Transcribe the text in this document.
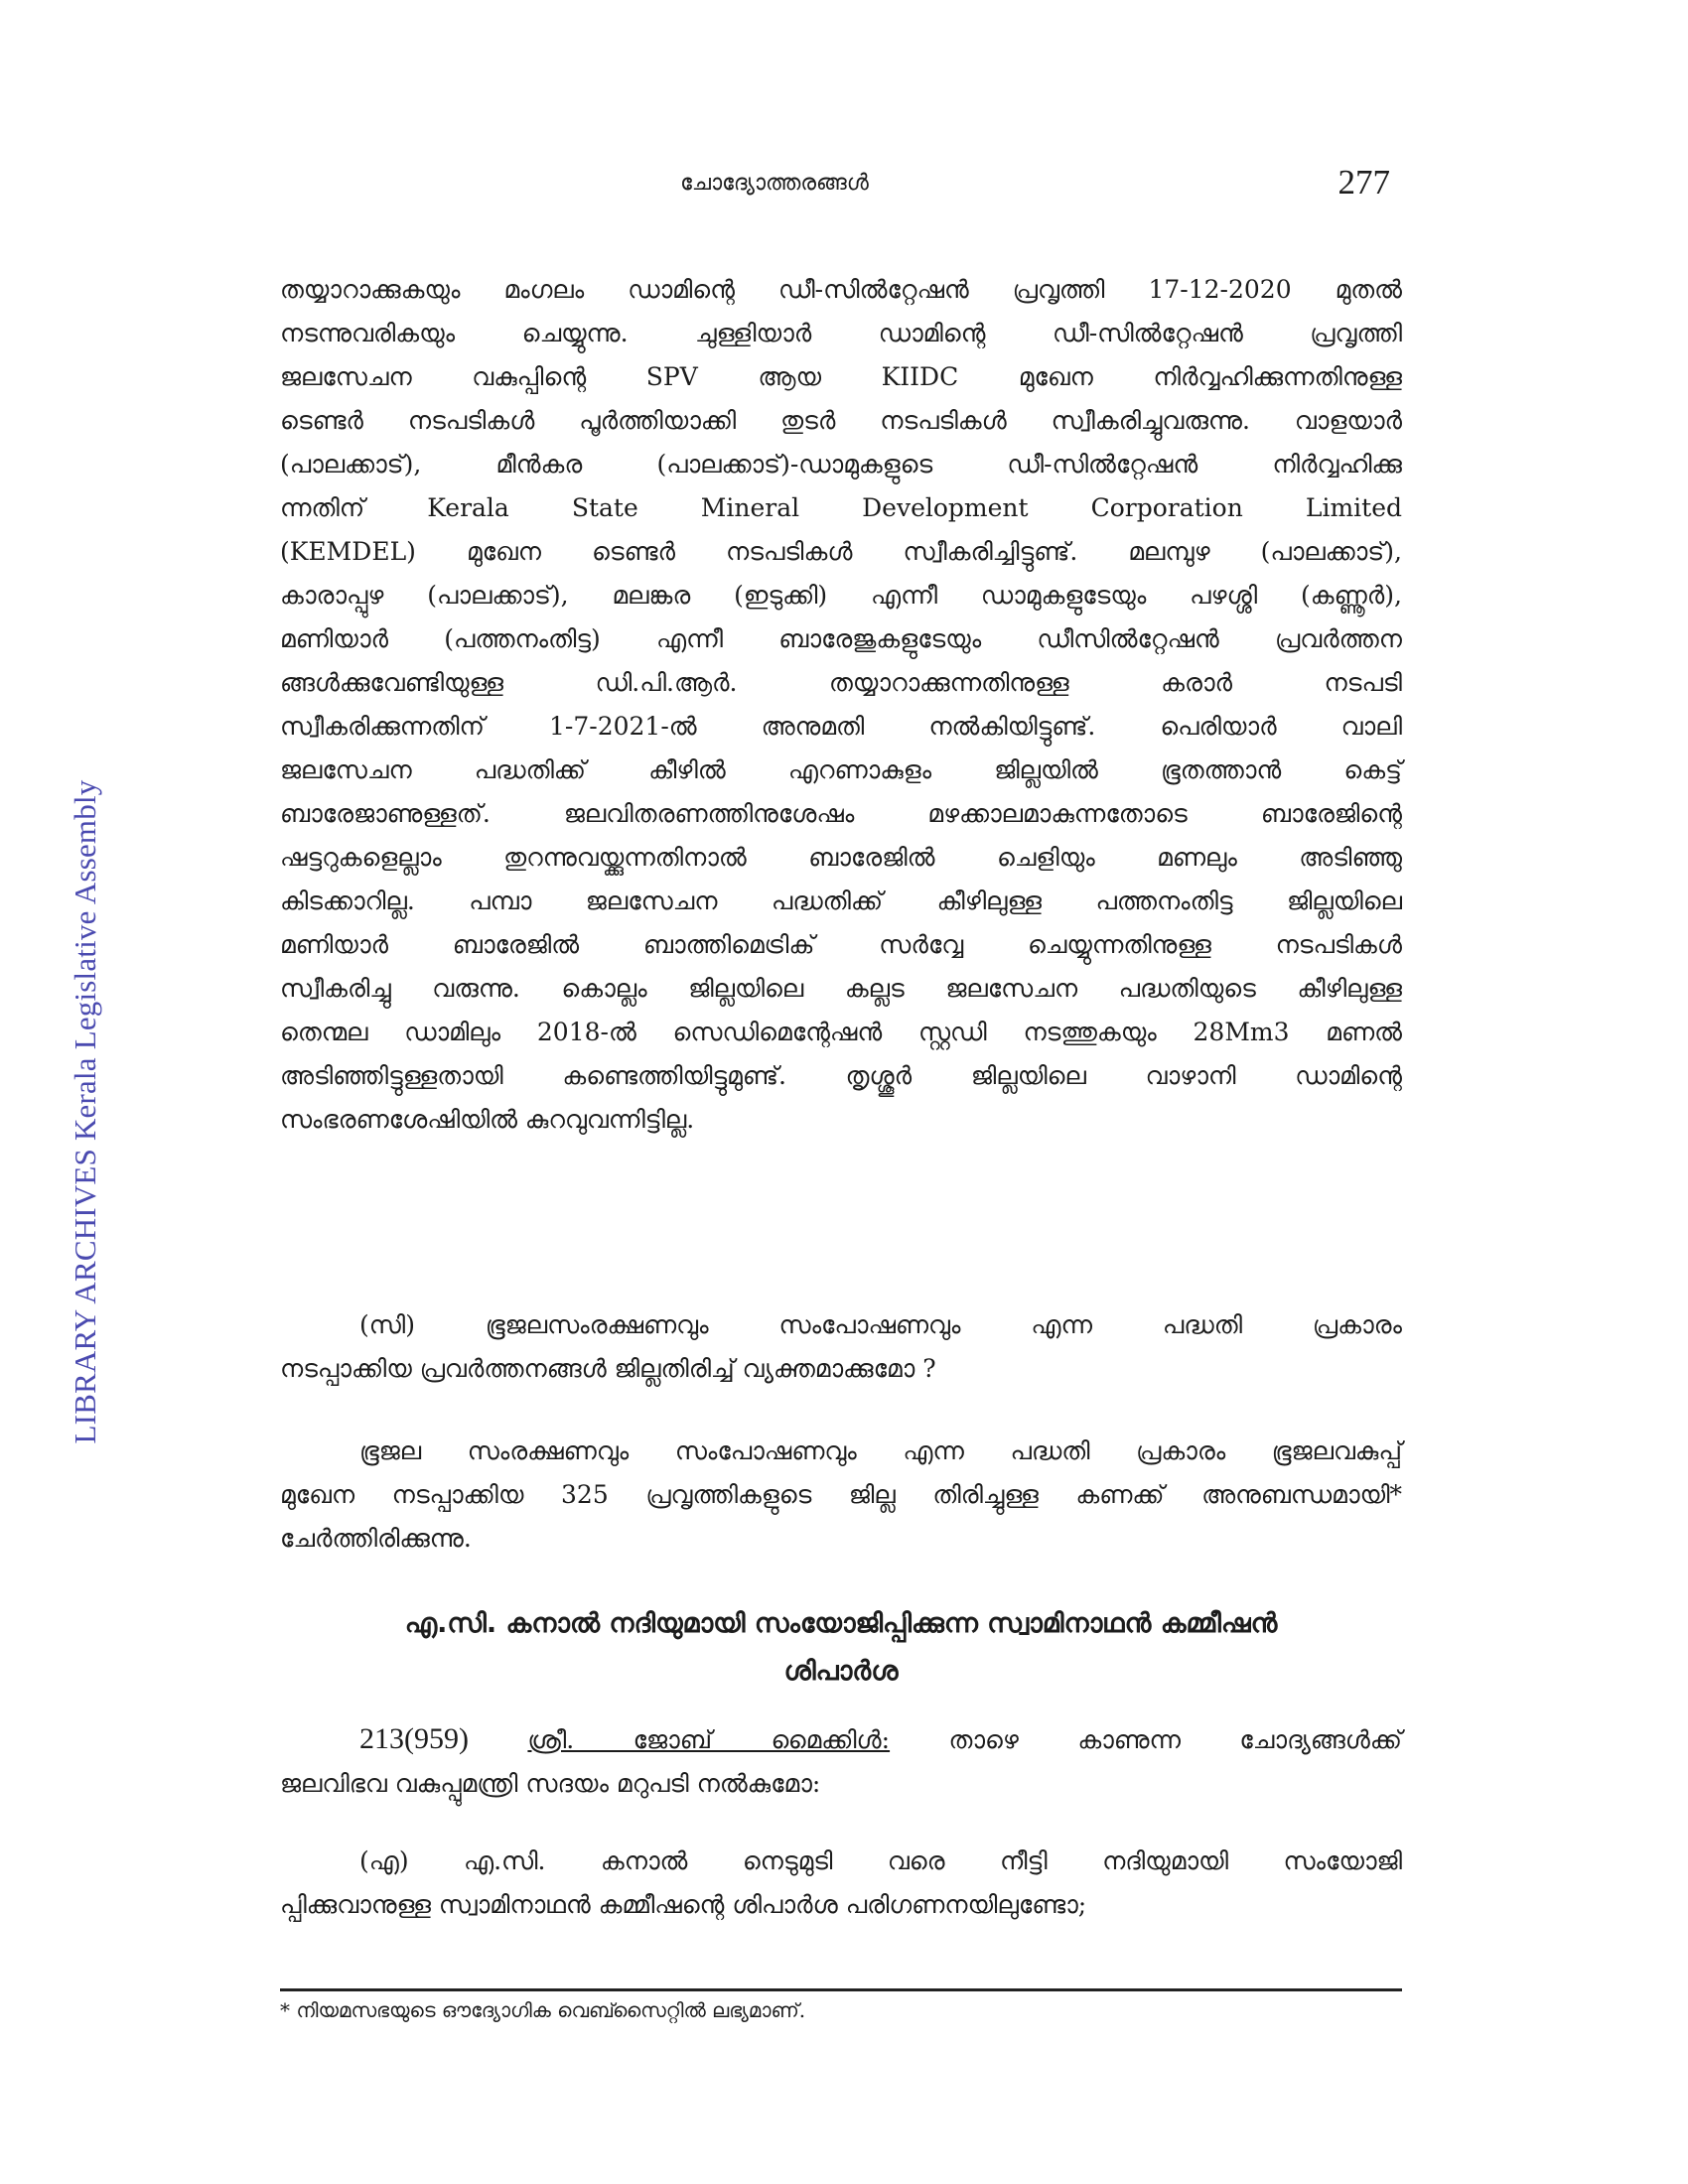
LIBRARY ARCHIVES Kerala Legislative Assembly
ചോദ്യോത്തരങ്ങൾ	277
തയ്യാറാക്കുകയും മംഗലം ഡാമിന്റെ ഡീ-സിൽറ്റേഷൻ പ്രവൃത്തി 17-12-2020 മുതൽ
നടന്നുവരികയും ചെയ്യുന്നു. ചുള്ളിയാർ ഡാമിന്റെ ഡീ-സിൽറ്റേഷൻ പ്രവൃത്തി
ജലസേചന വകുപ്പിന്റെ SPV ആയ KIIDC മുഖേന നിർവ്വഹിക്കുന്നതിനുള്ള
ടെണ്ടർ നടപടികൾ പൂർത്തിയാക്കി തുടർ നടപടികൾ സ്വീകരിച്ചുവരുന്നു. വാളയാർ
(പാലക്കാട്), മീൻകര (പാലക്കാട്)-ഡാമുകളുടെ ഡീ-സിൽറ്റേഷൻ നിർവ്വഹിക്കു
ന്നതിന് Kerala State Mineral Development Corporation Limited
(KEMDEL) മുഖേന ടെണ്ടർ നടപടികൾ സ്വീകരിച്ചിട്ടുണ്ട്. മലമ്പുഴ (പാലക്കാട്),
കാരാപ്പുഴ (പാലക്കാട്), മലങ്കര (ഇടുക്കി) എന്നീ ഡാമുകളുടേയും പഴശ്ശി (കണ്ണൂർ),
മണിയാർ (പത്തനംതിട്ട) എന്നീ ബാരേജുകളുടേയും ഡീസിൽറ്റേഷൻ പ്രവർത്തന
ങ്ങൾക്കുവേണ്ടിയുള്ള ഡി.പി.ആർ. തയ്യാറാക്കുന്നതിനുള്ള കരാർ നടപടി
സ്വീകരിക്കുന്നതിന് 1-7-2021-ൽ അനുമതി നൽകിയിട്ടുണ്ട്. പെരിയാർ വാലി
ജലസേചന പദ്ധതിക്ക് കീഴിൽ എറണാകുളം ജില്ലയിൽ ഭൂതത്താൻ കെട്ട്
ബാരേജാണുള്ളത്. ജലവിതരണത്തിനുശേഷം മഴക്കാലമാകുന്നതോടെ ബാരേജിന്റെ
ഷട്ടറുകളെല്ലാം തുറന്നുവയ്ക്കുന്നതിനാൽ ബാരേജിൽ ചെളിയും മണലും അടിഞ്ഞു
കിടക്കാറില്ല. പമ്പാ ജലസേചന പദ്ധതിക്ക് കീഴിലുള്ള പത്തനംതിട്ട ജില്ലയിലെ
മണിയാർ ബാരേജിൽ ബാത്തിമെട്രിക് സർവ്വേ ചെയ്യുന്നതിനുള്ള നടപടികൾ
സ്വീകരിച്ചു വരുന്നു. കൊല്ലം ജില്ലയിലെ കല്ലട ജലസേചന പദ്ധതിയുടെ കീഴിലുള്ള
തെന്മല ഡാമിലും 2018-ൽ സെഡിമെന്റേഷൻ സ്റ്റഡി നടത്തുകയും 28Mm3 മണൽ
അടിഞ്ഞിട്ടുള്ളതായി കണ്ടെത്തിയിട്ടുമുണ്ട്. തൃശ്ശൂർ ജില്ലയിലെ വാഴാനി ഡാമിന്റെ
സംഭരണശേഷിയിൽ കുറവുവന്നിട്ടില്ല.
(സി) ഭൂജലസംരക്ഷണവും സംപോഷണവും എന്ന പദ്ധതി പ്രകാരം
നടപ്പാക്കിയ പ്രവർത്തനങ്ങൾ ജില്ലതിരിച്ച് വ്യക്തമാക്കുമോ ?
ഭൂജല സംരക്ഷണവും സംപോഷണവും എന്ന പദ്ധതി പ്രകാരം ഭൂജലവകുപ്പ്
മുഖേന നടപ്പാക്കിയ 325 പ്രവൃത്തികളുടെ ജില്ല തിരിച്ചുള്ള കണക്ക് അനുബന്ധമായി*
ചേർത്തിരിക്കുന്നു.
എ.സി. കനാൽ നദിയുമായി സംയോജിപ്പിക്കുന്ന സ്വാമിനാഥൻ കമ്മീഷൻ
ശിപാർശ
213(959) ശ്രീ. ജോബ് മൈക്കിൾ: താഴെ കാണുന്ന ചോദ്യങ്ങൾക്ക്
ജലവിഭവ വകുപ്പുമന്ത്രി സദയം മറുപടി നൽകുമോ:
(എ) എ.സി. കനാൽ നെടുമുടി വരെ നീട്ടി നദിയുമായി സംയോജി
പ്പിക്കുവാനുള്ള സ്വാമിനാഥൻ കമ്മീഷന്റെ ശിപാർശ പരിഗണനയിലുണ്ടോ;
* നിയമസഭയുടെ ഔദ്യോഗിക വെബ്സൈറ്റിൽ ലഭ്യമാണ്.
